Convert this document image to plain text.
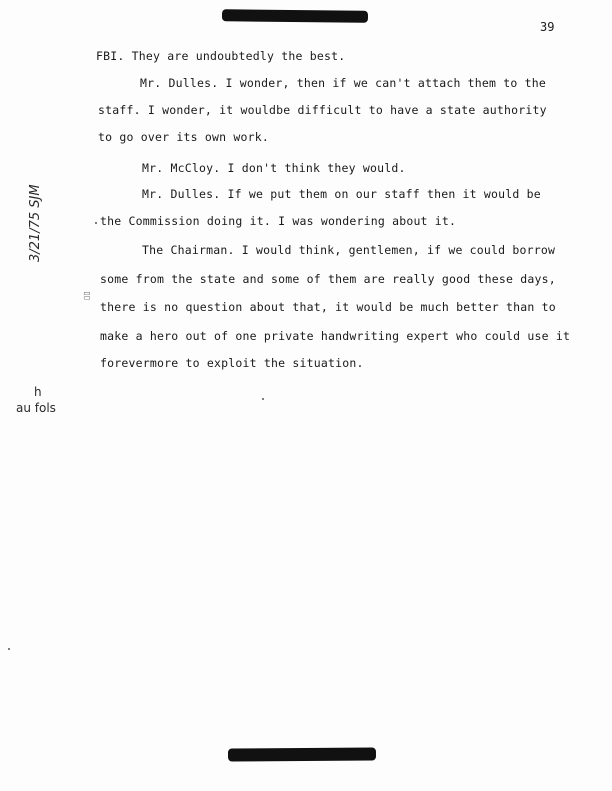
39
FBI. They are undoubtedly the best.
Mr. Dulles. I wonder, then if we can't attach them to the
staff. I wonder, it wouldbe difficult to have a state authority
to go over its own work.
Mr. McCloy. I don't think they would.
Mr. Dulles. If we put them on our staff then it would be
the Commission doing it. I was wondering about it.
The Chairman. I would think, gentlemen, if we could borrow
some from the state and some of them are really good these days,
there is no question about that, it would be much better than to
make a hero out of one private handwriting expert who could use it
forevermore to exploit the situation.
3/21/75 SJM
▯▯
h
au fols
